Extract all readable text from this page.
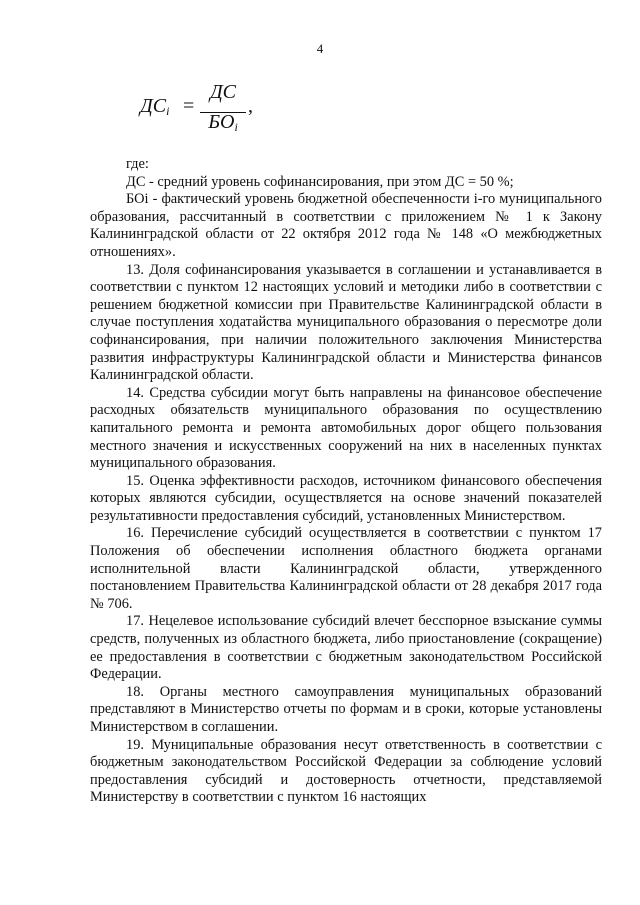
4
$ДС_i$ =
ДС
$БО_i$
,

где:

ДС - средний уровень софинансирования, при этом ДС = 50 %;

БОi - фактический уровень бюджетной обеспеченности i-го муниципального образования, рассчитанный в соответствии с приложением № 1 к Закону Калининградской области от 22 октября 2012 года № 148 «О межбюджетных отношениях».

13. Доля софинансирования указывается в соглашении и устанавливается в соответствии с пунктом 12 настоящих условий и методики либо в соответствии с решением бюджетной комиссии при Правительстве Калининградской области в случае поступления ходатайства муниципального образования о пересмотре доли софинансирования, при наличии положительного заключения Министерства развития инфраструктуры Калининградской области и Министерства финансов Калининградской области.

14. Средства субсидии могут быть направлены на финансовое обеспечение расходных обязательств муниципального образования по осуществлению капитального ремонта и ремонта автомобильных дорог общего пользования местного значения и искусственных сооружений на них в населенных пунктах муниципального образования.

15. Оценка эффективности расходов, источником финансового обеспечения которых являются субсидии, осуществляется на основе значений показателей результативности предоставления субсидий, установленных Министерством.

16. Перечисление субсидий осуществляется в соответствии с пунктом 17 Положения об обеспечении исполнения областного бюджета органами исполнительной власти Калининградской области, утвержденного постановлением Правительства Калининградской области от 28 декабря 2017 года № 706.

17. Нецелевое использование субсидий влечет бесспорное взыскание суммы средств, полученных из областного бюджета, либо приостановление (сокращение) ее предоставления в соответствии с бюджетным законодательством Российской Федерации.

18. Органы местного самоуправления муниципальных образований представляют в Министерство отчеты по формам и в сроки, которые установлены Министерством в соглашении.

19. Муниципальные образования несут ответственность в соответствии с бюджетным законодательством Российской Федерации за соблюдение условий предоставления субсидий и достоверность отчетности, представляемой Министерству в соответствии с пунктом 16 настоящих
